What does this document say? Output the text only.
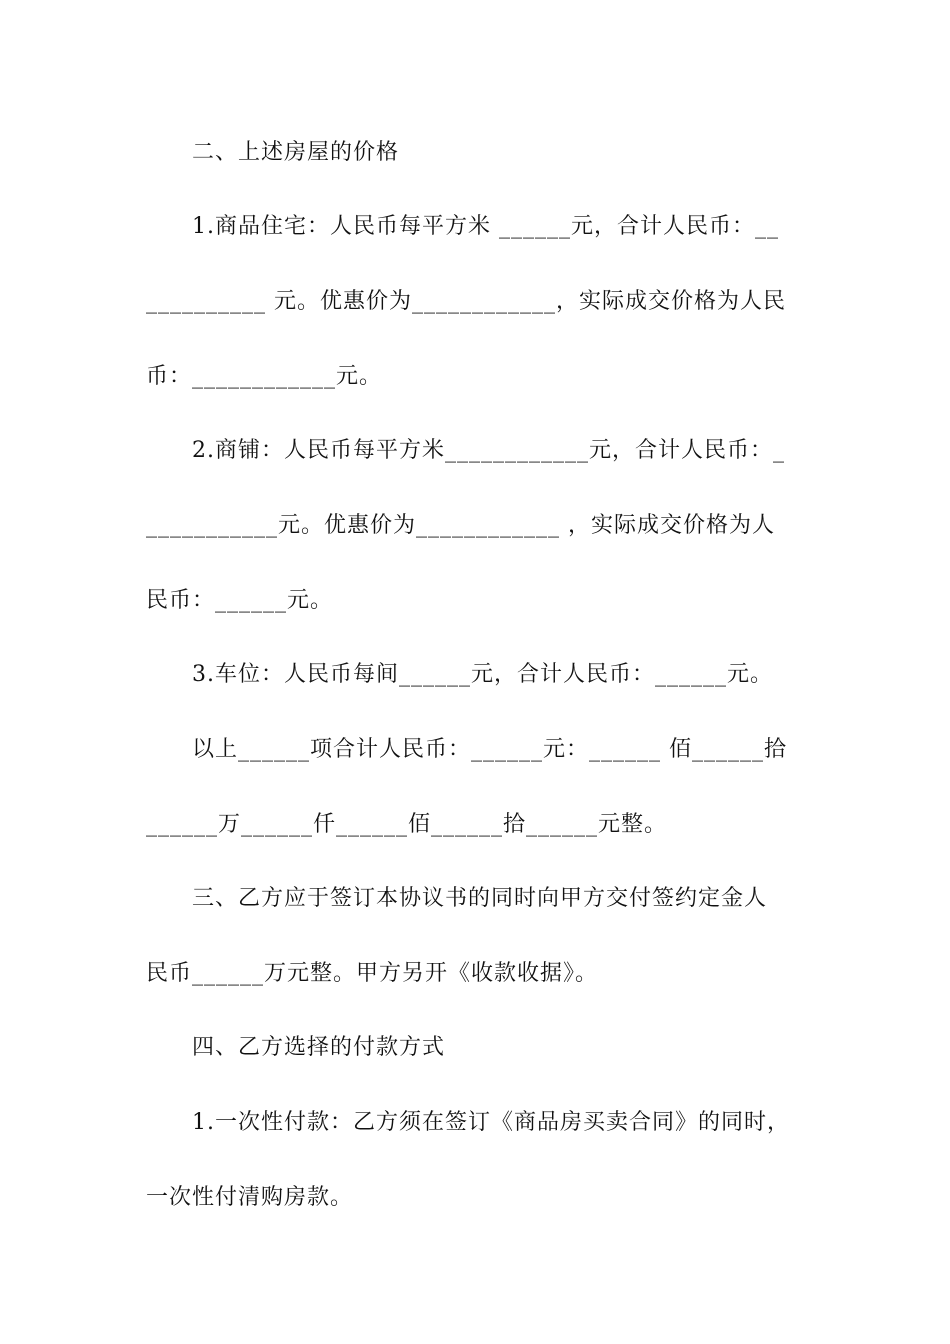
二、上述房屋的价格
1.商品住宅：人民币每平方米 ______元，合计人民币：__
__________ 元。优惠价为____________，实际成交价格为人民
币：____________元。
2.商铺：人民币每平方米____________元，合计人民币：_
___________元。优惠价为____________ ，实际成交价格为人
民币：______元。
3.车位：人民币每间______元，合计人民币：______元。
以上______项合计人民币：______元：______ 佰______拾
______万______仟______佰______拾______元整。
三、乙方应于签订本协议书的同时向甲方交付签约定金人
民币______万元整。甲方另开《收款收据》。
四、乙方选择的付款方式
1.一次性付款：乙方须在签订《商品房买卖合同》的同时，
一次性付清购房款。
